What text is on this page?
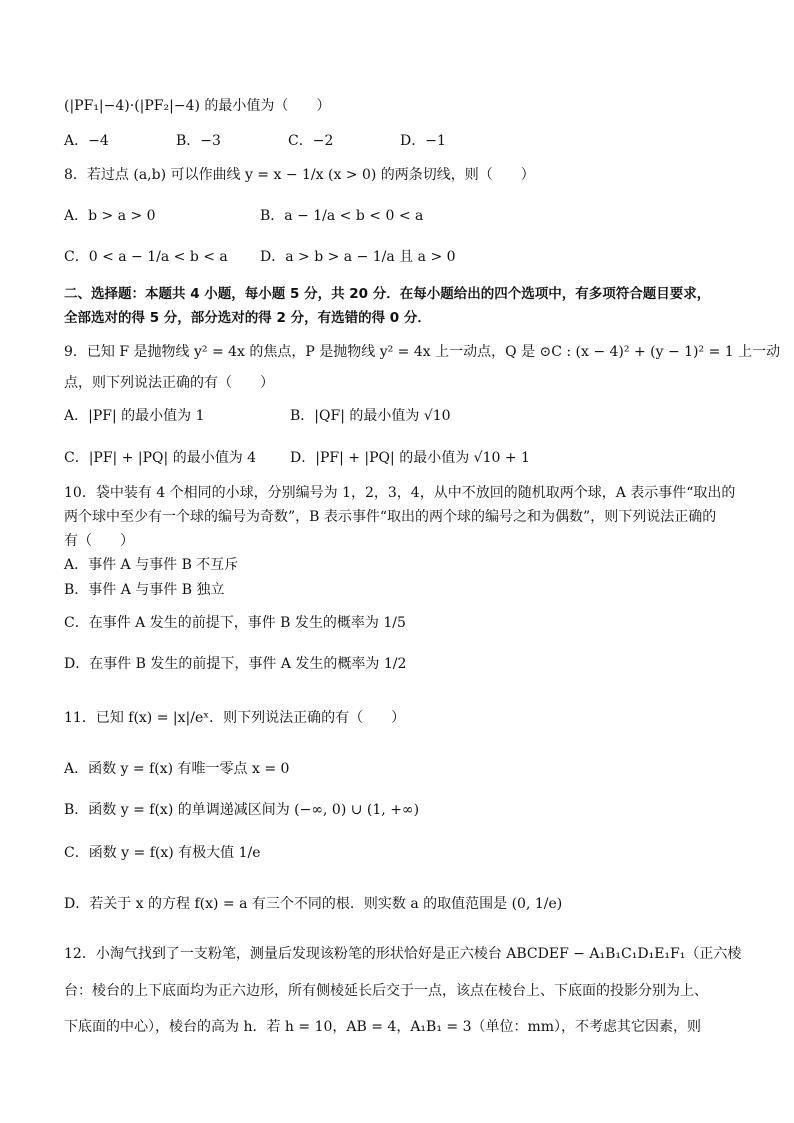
(|PF₁|−4)·(|PF₂|−4) 的最小值为（　　）
A．−4	B．−3	C．−2	D．−1
8．若过点 (a,b) 可以作曲线 y = x − 1/x (x > 0) 的两条切线，则（　　）
A．b > a > 0	B．a − 1/a < b < 0 < a
C．0 < a − 1/a < b < a D．a > b > a − 1/a 且 a > 0
二、选择题：本题共 4 小题，每小题 5 分，共 20 分．在每小题给出的四个选项中，有多项符合题目要求，
全部选对的得 5 分，部分选对的得 2 分，有选错的得 0 分．
9．已知 F 是抛物线 y² = 4x 的焦点，P 是抛物线 y² = 4x 上一动点，Q 是 ⊙C : (x − 4)² + (y − 1)² = 1 上一动
点，则下列说法正确的有（　　）
A．|PF| 的最小值为 1	B．|QF| 的最小值为 √10
C．|PF| + |PQ| 的最小值为 4 D．|PF| + |PQ| 的最小值为 √10 + 1
10．袋中装有 4 个相同的小球，分别编号为 1，2，3，4，从中不放回的随机取两个球，A 表示事件“取出的
两个球中至少有一个球的编号为奇数”，B 表示事件“取出的两个球的编号之和为偶数”，则下列说法正确的
有（　　）
A．事件 A 与事件 B 不互斥
B．事件 A 与事件 B 独立
C．在事件 A 发生的前提下，事件 B 发生的概率为 1/5
D．在事件 B 发生的前提下，事件 A 发生的概率为 1/2
11．已知 f(x) = |x|/eˣ．则下列说法正确的有（　　）
A．函数 y = f(x) 有唯一零点 x = 0
B．函数 y = f(x) 的单调递减区间为 (−∞, 0) ∪ (1, +∞)
C．函数 y = f(x) 有极大值 1/e
D．若关于 x 的方程 f(x) = a 有三个不同的根．则实数 a 的取值范围是 (0, 1/e)
12．小淘气找到了一支粉笔，测量后发现该粉笔的形状恰好是正六棱台 ABCDEF − A₁B₁C₁D₁E₁F₁（正六棱
台：棱台的上下底面均为正六边形，所有侧棱延长后交于一点，该点在棱台上、下底面的投影分别为上、
下底面的中心），棱台的高为 h．若 h = 10，AB = 4，A₁B₁ = 3（单位：mm），不考虑其它因素，则
